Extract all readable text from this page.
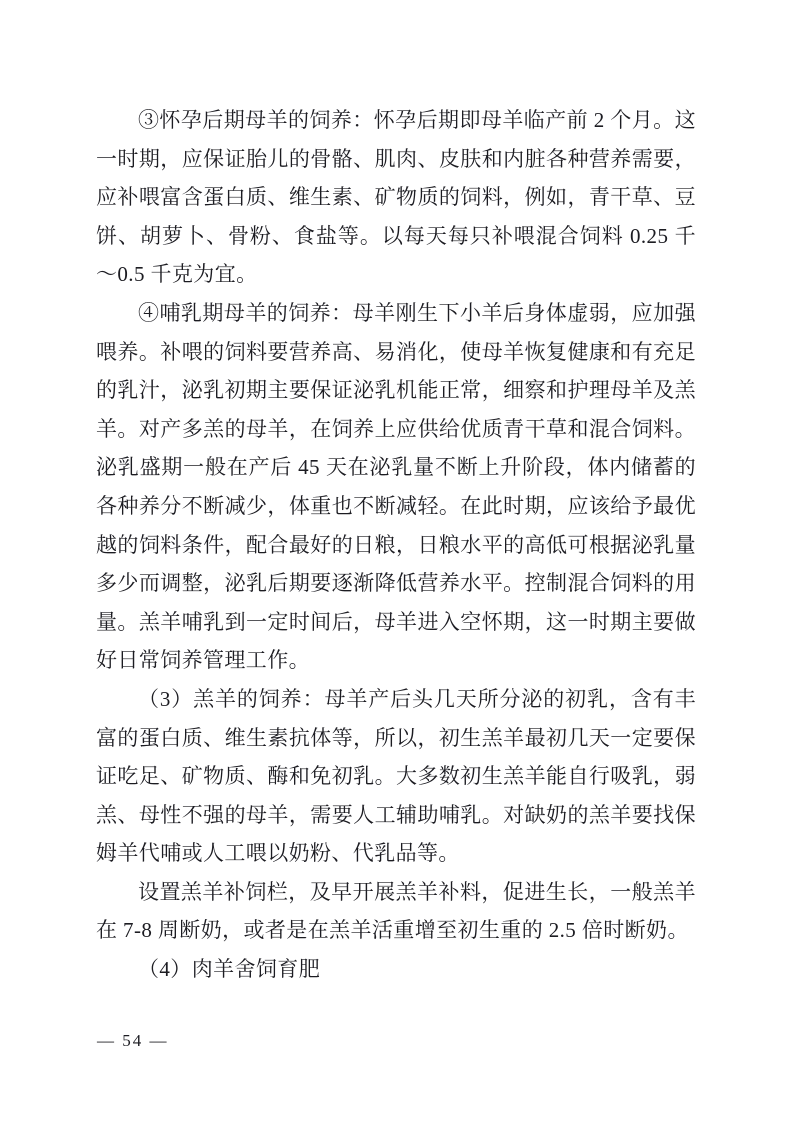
③怀孕后期母羊的饲养：怀孕后期即母羊临产前 2 个月。这一时期，应保证胎儿的骨骼、肌肉、皮肤和内脏各种营养需要，应补喂富含蛋白质、维生素、矿物质的饲料，例如，青干草、豆饼、胡萝卜、骨粉、食盐等。以每天每只补喂混合饲料 0.25 千～0.5 千克为宜。

④哺乳期母羊的饲养：母羊刚生下小羊后身体虚弱，应加强喂养。补喂的饲料要营养高、易消化，使母羊恢复健康和有充足的乳汁，泌乳初期主要保证泌乳机能正常，细察和护理母羊及羔羊。对产多羔的母羊，在饲养上应供给优质青干草和混合饲料。泌乳盛期一般在产后 45 天在泌乳量不断上升阶段，体内储蓄的各种养分不断减少，体重也不断减轻。在此时期，应该给予最优越的饲料条件，配合最好的日粮，日粮水平的高低可根据泌乳量多少而调整，泌乳后期要逐渐降低营养水平。控制混合饲料的用量。羔羊哺乳到一定时间后，母羊进入空怀期，这一时期主要做好日常饲养管理工作。

（3）羔羊的饲养：母羊产后头几天所分泌的初乳，含有丰富的蛋白质、维生素抗体等，所以，初生羔羊最初几天一定要保证吃足、矿物质、酶和免初乳。大多数初生羔羊能自行吸乳，弱羔、母性不强的母羊，需要人工辅助哺乳。对缺奶的羔羊要找保姆羊代哺或人工喂以奶粉、代乳品等。

设置羔羊补饲栏，及早开展羔羊补料，促进生长，一般羔羊在 7-8 周断奶，或者是在羔羊活重增至初生重的 2.5 倍时断奶。

（4）肉羊舍饲育肥

— 54 —
